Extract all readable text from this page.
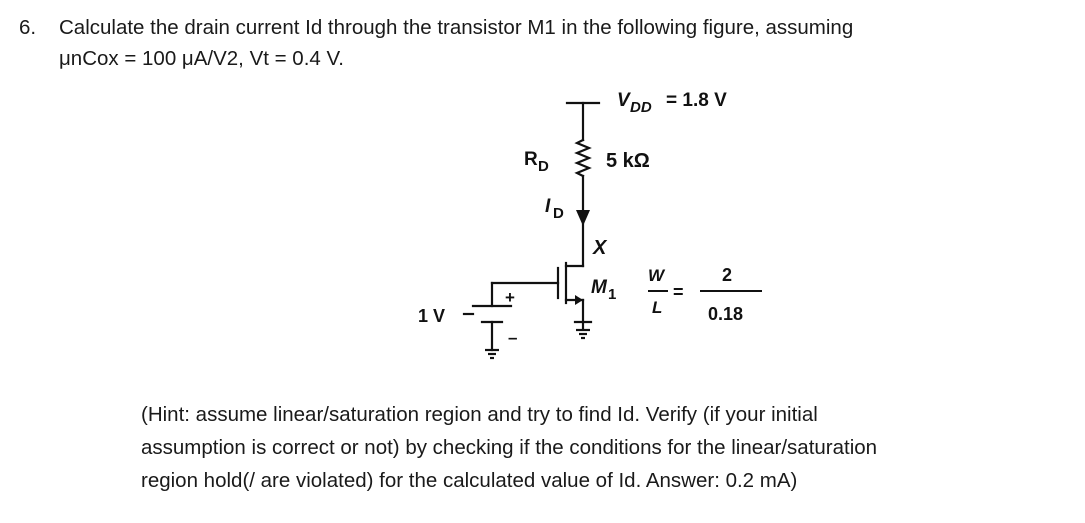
6. Calculate the drain current Id through the transistor M1 in the following figure, assuming
μnCox = 100 μA/V2, Vt = 0.4 V.
V DD = 1.8 V
R D	5 kΩ
I D
X
M 1
W
L
=
2
0.18
1 V
+
–
(Hint: assume linear/saturation region and try to find Id. Verify (if your initial
assumption is correct or not) by checking if the conditions for the linear/saturation
region hold(/ are violated) for the calculated value of Id. Answer: 0.2 mA)
